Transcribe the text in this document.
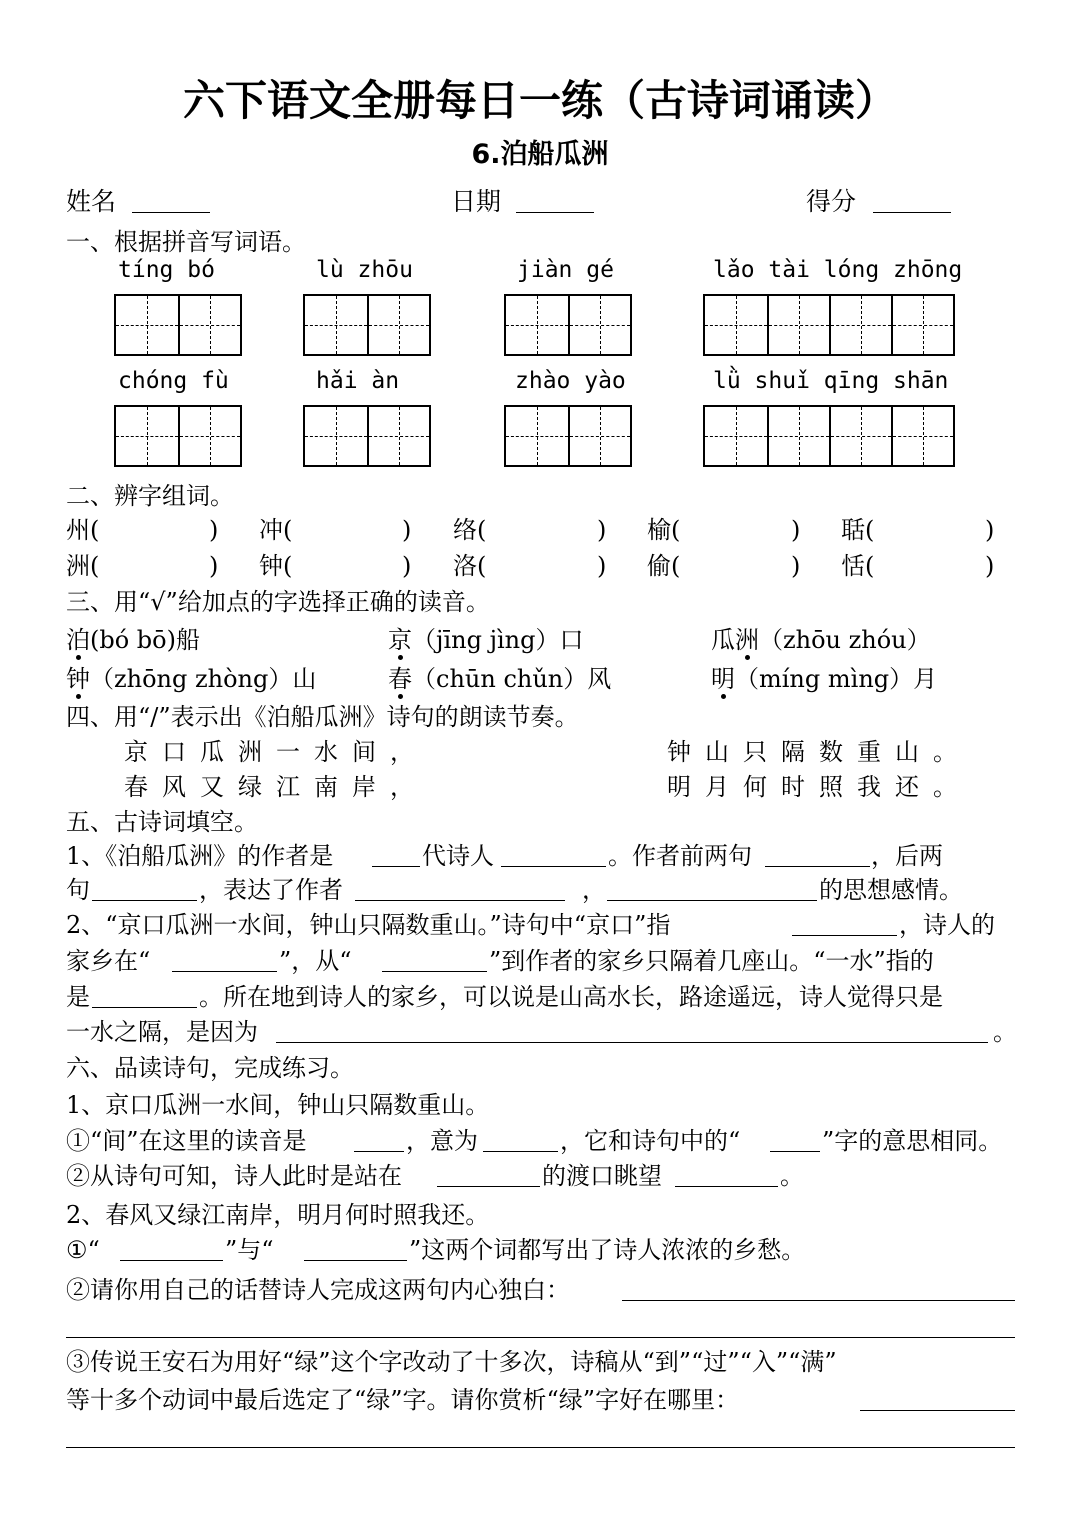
六下语文全册每日一练（古诗词诵读）
6.泊船瓜洲
姓名	日期	得分
一、根据拼音写词语。
tíng bó	lù zhōu	jiàn gé	lǎo tài lóng zhōng
chóng fù	hǎi àn	zhào yào	lǜ shuǐ qīng shān
二、辨字组词。
州(	) 冲(	) 络(	) 榆(	) 聒(	)
洲(	) 钟(	) 洛(	) 偷(	) 恬(	)
三、用“√”给加点的字选择正确的读音。
泊(bó bō)船	京（jīng jìng）口	瓜洲（zhōu zhóu）
钟（zhōng zhòng）山	春（chūn chǔn）风	明（míng mìng）月
四、用“/”表示出《泊船瓜洲》诗句的朗读节奏。
京口瓜洲一水间，	钟山只隔数重山。
春风又绿江南岸，	明月何时照我还。
五、古诗词填空。
1、《泊船瓜洲》的作者是	代诗人	。作者前两句	，后两
句	，表达了作者	，	的思想感情。
2、“京口瓜洲一水间，钟山只隔数重山。”诗句中“京口”指	，诗人的
家乡在“	”，从“	”到作者的家乡只隔着几座山。“一水”指的
是	。所在地到诗人的家乡，可以说是山高水长，路途遥远，诗人觉得只是
一水之隔，是因为	。
六、品读诗句，完成练习。
1、京口瓜洲一水间，钟山只隔数重山。
①“间”在这里的读音是	，意为	，它和诗句中的“	”字的意思相同。
②从诗句可知，诗人此时是站在	的渡口眺望	。
2、春风又绿江南岸，明月何时照我还。
①“	”与“	”这两个词都写出了诗人浓浓的乡愁。
②请你用自己的话替诗人完成这两句内心独白：
③传说王安石为用好“绿”这个字改动了十多次，诗稿从“到”“过”“入”“满”
等十多个动词中最后选定了“绿”字。请你赏析“绿”字好在哪里：
